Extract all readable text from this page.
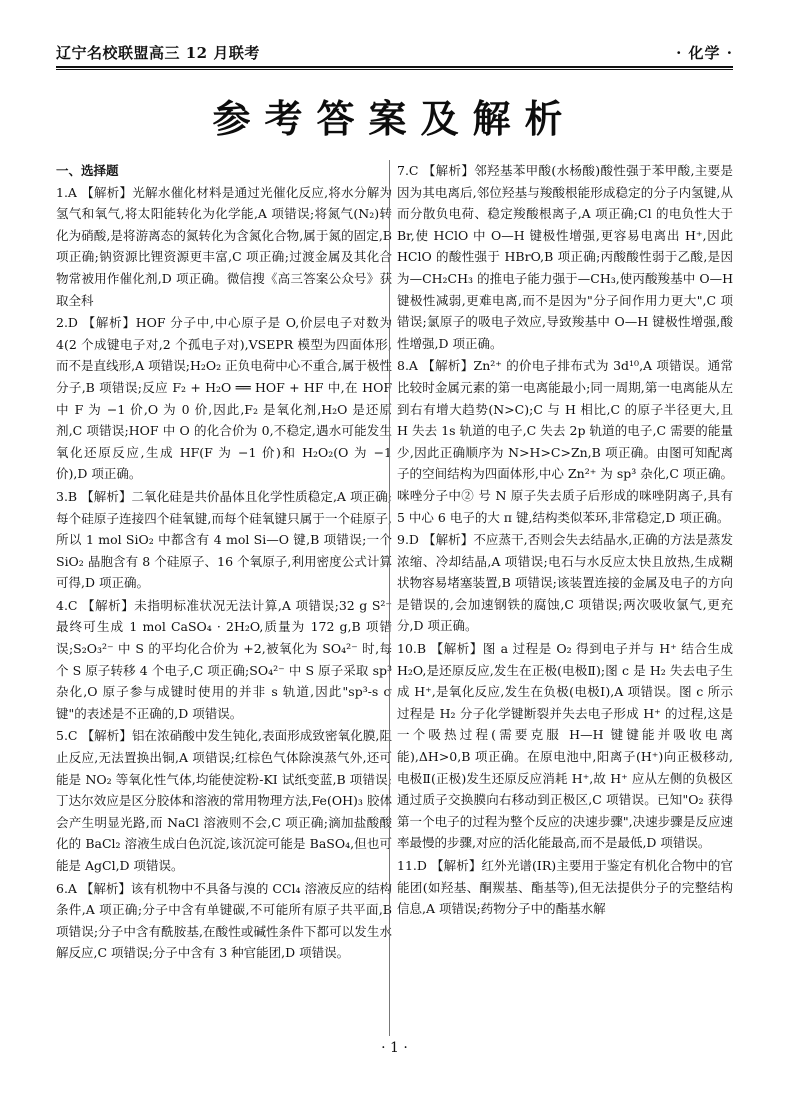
辽宁名校联盟高三 12 月联考	· 化学 ·
参考答案及解析

一、选择题

1.A 【解析】光解水催化材料是通过光催化反应,将水分解为氢气和氧气,将太阳能转化为化学能,A 项错误;将氮气(N₂)转化为硝酸,是将游离态的氮转化为含氮化合物,属于氮的固定,B 项正确;钠资源比锂资源更丰富,C 项正确;过渡金属及其化合物常被用作催化剂,D 项正确。微信搜《高三答案公众号》获取全科

2.D 【解析】HOF 分子中,中心原子是 O,价层电子对数为 4(2 个成键电子对,2 个孤电子对),VSEPR 模型为四面体形,而不是直线形,A 项错误;H₂O₂ 正负电荷中心不重合,属于极性分子,B 项错误;反应 F₂ + H₂O ══ HOF + HF 中,在 HOF 中 F 为 −1 价,O 为 0 价,因此,F₂ 是氧化剂,H₂O 是还原剂,C 项错误;HOF 中 O 的化合价为 0,不稳定,遇水可能发生氧化还原反应,生成 HF(F 为 −1 价)和 H₂O₂(O 为 −1 价),D 项正确。

3.B 【解析】二氧化硅是共价晶体且化学性质稳定,A 项正确;每个硅原子连接四个硅氧键,而每个硅氧键只属于一个硅原子,所以 1 mol SiO₂ 中都含有 4 mol Si—O 键,B 项错误;一个 SiO₂ 晶胞含有 8 个硅原子、16 个氧原子,利用密度公式计算可得,D 项正确。

4.C 【解析】未指明标准状况无法计算,A 项错误;32 g S²⁻ 最终可生成 1 mol CaSO₄ · 2H₂O,质量为 172 g,B 项错误;S₂O₃²⁻ 中 S 的平均化合价为 +2,被氧化为 SO₄²⁻ 时,每个 S 原子转移 4 个电子,C 项正确;SO₄²⁻ 中 S 原子采取 sp³ 杂化,O 原子参与成键时使用的并非 s 轨道,因此"sp³-s σ 键"的表述是不正确的,D 项错误。

5.C 【解析】铝在浓硝酸中发生钝化,表面形成致密氧化膜,阻止反应,无法置换出铜,A 项错误;红棕色气体除溴蒸气外,还可能是 NO₂ 等氧化性气体,均能使淀粉-KI 试纸变蓝,B 项错误;丁达尔效应是区分胶体和溶液的常用物理方法,Fe(OH)₃ 胶体会产生明显光路,而 NaCl 溶液则不会,C 项正确;滴加盐酸酸化的 BaCl₂ 溶液生成白色沉淀,该沉淀可能是 BaSO₄,但也可能是 AgCl,D 项错误。

6.A 【解析】该有机物中不具备与溴的 CCl₄ 溶液反应的结构条件,A 项正确;分子中含有单键碳,不可能所有原子共平面,B 项错误;分子中含有酰胺基,在酸性或碱性条件下都可以发生水解反应,C 项错误;分子中含有 3 种官能团,D 项错误。

7.C 【解析】邻羟基苯甲酸(水杨酸)酸性强于苯甲酸,主要是因为其电离后,邻位羟基与羧酸根能形成稳定的分子内氢键,从而分散负电荷、稳定羧酸根离子,A 项正确;Cl 的电负性大于 Br,使 HClO 中 O—H 键极性增强,更容易电离出 H⁺,因此 HClO 的酸性强于 HBrO,B 项正确;丙酸酸性弱于乙酸,是因为—CH₂CH₃ 的推电子能力强于—CH₃,使丙酸羧基中 O—H 键极性减弱,更难电离,而不是因为"分子间作用力更大",C 项错误;氯原子的吸电子效应,导致羧基中 O—H 键极性增强,酸性增强,D 项正确。

8.A 【解析】Zn²⁺ 的价电子排布式为 3d¹⁰,A 项错误。通常比较时金属元素的第一电离能最小;同一周期,第一电离能从左到右有增大趋势(N>C);C 与 H 相比,C 的原子半径更大,且 H 失去 1s 轨道的电子,C 失去 2p 轨道的电子,C 需要的能量少,因此正确顺序为 N>H>C>Zn,B 项正确。由图可知配离子的空间结构为四面体形,中心 Zn²⁺ 为 sp³ 杂化,C 项正确。咪唑分子中② 号 N 原子失去质子后形成的咪唑阴离子,具有 5 中心 6 电子的大 π 键,结构类似苯环,非常稳定,D 项正确。

9.D 【解析】不应蒸干,否则会失去结晶水,正确的方法是蒸发浓缩、冷却结晶,A 项错误;电石与水反应太快且放热,生成糊状物容易堵塞装置,B 项错误;该装置连接的金属及电子的方向是错误的,会加速钢铁的腐蚀,C 项错误;两次吸收氯气,更充分,D 项正确。

10.B 【解析】图 a 过程是 O₂ 得到电子并与 H⁺ 结合生成 H₂O,是还原反应,发生在正极(电极Ⅱ);图 c 是 H₂ 失去电子生成 H⁺,是氧化反应,发生在负极(电极Ⅰ),A 项错误。图 c 所示过程是 H₂ 分子化学键断裂并失去电子形成 H⁺ 的过程,这是一个吸热过程(需要克服 H—H 键键能并吸收电离能),ΔH>0,B 项正确。在原电池中,阳离子(H⁺)向正极移动,电极Ⅱ(正极)发生还原反应消耗 H⁺,故 H⁺ 应从左侧的负极区通过质子交换膜向右移动到正极区,C 项错误。已知"O₂ 获得第一个电子的过程为整个反应的决速步骤",决速步骤是反应速率最慢的步骤,对应的活化能最高,而不是最低,D 项错误。

11.D 【解析】红外光谱(IR)主要用于鉴定有机化合物中的官能团(如羟基、酮羰基、酯基等),但无法提供分子的完整结构信息,A 项错误;药物分子中的酯基水解

· 1 ·
